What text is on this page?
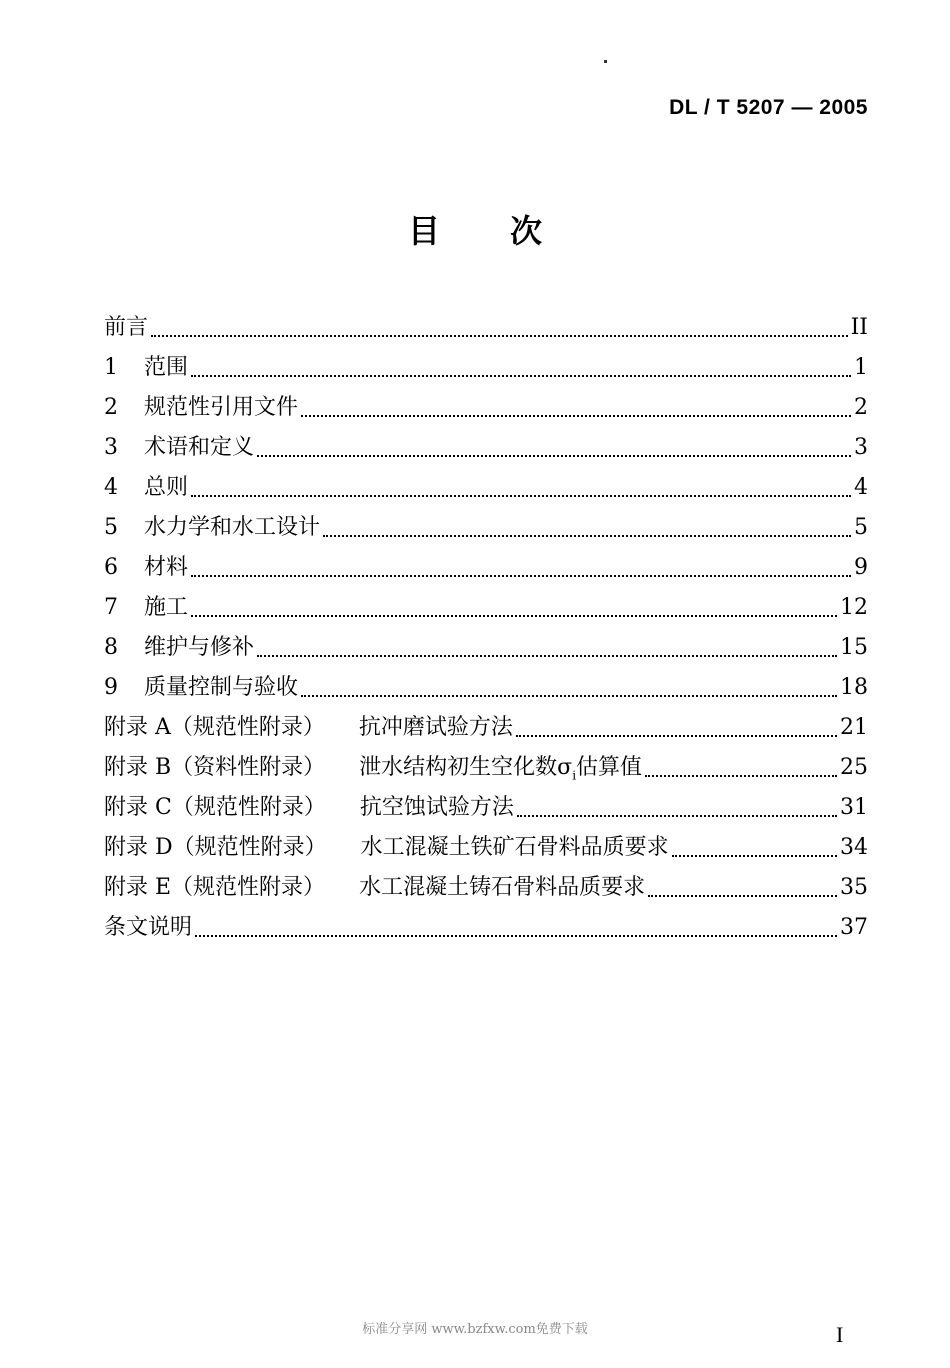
DL / T 5207 — 2005
目次
前言	II
1	范围	1
2	规范性引用文件	2
3	术语和定义	3
4	总则	4
5	水力学和水工设计	5
6	材料	9
7	施工	12
8	维护与修补	15
9	质量控制与验收	18
附录 A（规范性附录） 抗冲磨试验方法	21
附录 B（资料性附录） 泄水结构初生空化数$\sigma_i$估算值	25
附录 C（规范性附录） 抗空蚀试验方法	31
附录 D（规范性附录） 水工混凝土铁矿石骨料品质要求	34
附录 E（规范性附录） 水工混凝土铸石骨料品质要求	35
条文说明	37
标准分享网 www.bzfxw.com免费下载	I
